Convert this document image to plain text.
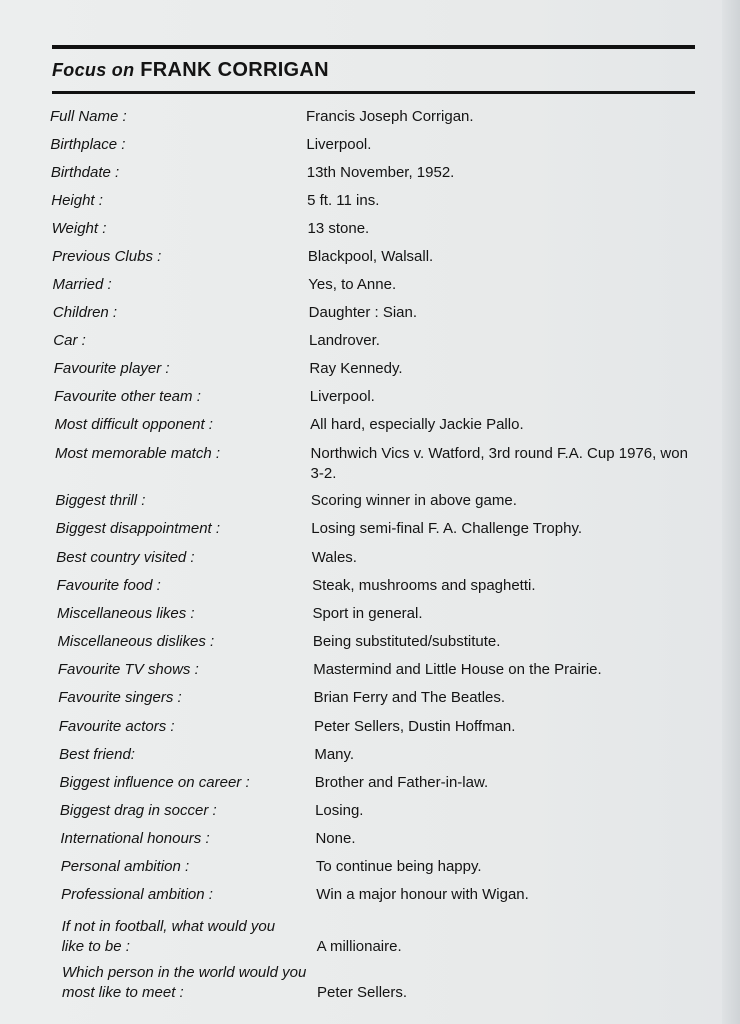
Focus on FRANK CORRIGAN
Full Name :	Francis Joseph Corrigan.
Birthplace :	Liverpool.
Birthdate :	13th November, 1952.
Height :	5 ft. 11 ins.
Weight :	13 stone.
Previous Clubs :	Blackpool, Walsall.
Married :	Yes, to Anne.
Children :	Daughter : Sian.
Car :	Landrover.
Favourite player :	Ray Kennedy.
Favourite other team :	Liverpool.
Most difficult opponent :	All hard, especially Jackie Pallo.
Most memorable match :	Northwich Vics v. Watford, 3rd round F.A. Cup 1976, won 3-2.
Biggest thrill :	Scoring winner in above game.
Biggest disappointment :	Losing semi-final F. A. Challenge Trophy.
Best country visited :	Wales.
Favourite food :	Steak, mushrooms and spaghetti.
Miscellaneous likes :	Sport in general.
Miscellaneous dislikes :	Being substituted/substitute.
Favourite TV shows :	Mastermind and Little House on the Prairie.
Favourite singers :	Brian Ferry and The Beatles.
Favourite actors :	Peter Sellers, Dustin Hoffman.
Best friend:	Many.
Biggest influence on career :	Brother and Father-in-law.
Biggest drag in soccer :	Losing.
International honours :	None.
Personal ambition :	To continue being happy.
Professional ambition :	Win a major honour with Wigan.
If not in football, what would you like to be :	A millionaire.
Which person in the world would you most like to meet :	Peter Sellers.
